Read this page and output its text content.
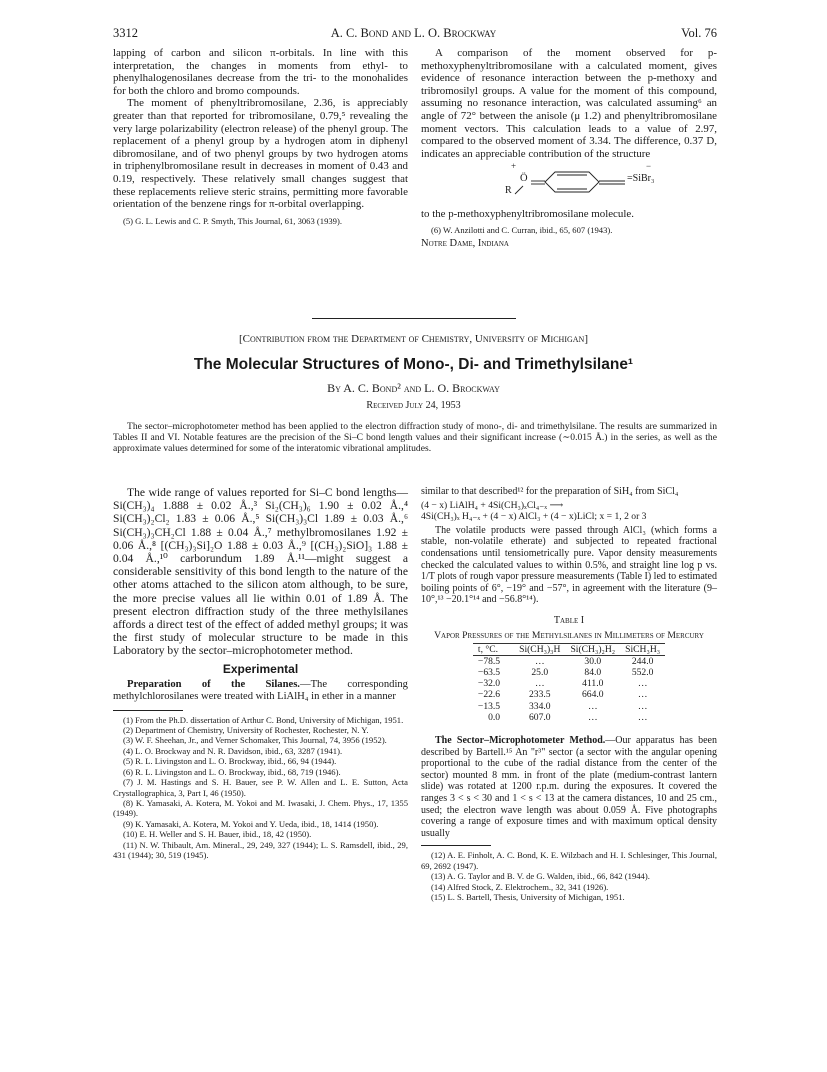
3312	A. C. Bond and L. O. Brockway	Vol. 76

lapping of carbon and silicon π-orbitals. In line with this interpretation, the changes in moments from ethyl- to phenylhalogenosilanes decrease from the tri- to the monohalides for both the chloro and bromo compounds.

The moment of phenyltribromosilane, 2.36, is appreciably greater than that reported for tribromosilane, 0.79,⁵ revealing the very large polarizability (electron release) of the phenyl group. The replacement of a phenyl group by a hydrogen atom in diphenyl dibromosilane, and of two phenyl groups by two hydrogen atoms in triphenylbromosilane result in decreases in moment of 0.43 and 0.19, respectively. These relatively small changes suggest that these replacements relieve steric strains, permitting more favorable orientation of the benzene rings for π-orbital overlapping.

(5) G. L. Lewis and C. P. Smyth, This Journal, 61, 3063 (1939).

A comparison of the moment observed for p-methoxyphenyltribromosilane with a calculated moment, gives evidence of resonance interaction between the p-methoxy and tribromosilyl groups. A value for the moment of this compound, assuming no resonance interaction, was calculated assuming⁶ an angle of 72° between the anisole (μ 1.2) and phenyltribromosilane moment vectors. This calculation leads to a value of 2.97, compared to the observed moment of 3.34. The difference, 0.37 D, indicates an appreciable contribution of the structure

+
R
Ö	=SiBr₃
−

to the p-methoxyphenyltribromosilane molecule.

(6) W. Anzilotti and C. Curran, ibid., 65, 607 (1943).
Notre Dame, Indiana
[Contribution from the Department of Chemistry, University of Michigan]
The Molecular Structures of Mono-, Di- and Trimethylsilane¹
By A. C. Bond² and L. O. Brockway
Received July 24, 1953
The sector–microphotometer method has been applied to the electron diffraction study of mono-, di- and trimethylsilane. The results are summarized in Tables II and VI. Notable features are the precision of the Si–C bond length values and their significant increase (∼0.015 Å.) in the series, as well as the approximate values determined for some of the interatomic vibrational amplitudes.

The wide range of values reported for Si–C bond lengths—Si(CH₃)₄ 1.888 ± 0.02 Å.,³ Si₂(CH₃)₆ 1.90 ± 0.02 Å.,⁴ Si(CH₃)₂Cl₂ 1.83 ± 0.06 Å.,⁵ Si(CH₃)₃Cl 1.89 ± 0.03 Å.,⁶ Si(CH₃)₃CH₂Cl 1.88 ± 0.04 Å.,⁷ methylbromosilanes 1.92 ± 0.06 Å.,⁸ [(CH₃)₃Si]₂O 1.88 ± 0.03 Å.,⁹ [(CH₃)₂SiO]₃ 1.88 ± 0.04 Å.,¹⁰ carborundum 1.89 Å.¹¹—might suggest a considerable sensitivity of this bond length to the nature of the other atoms attached to the silicon atom although, to be sure, the more precise values all lie within 0.01 of 1.89 Å. The present electron diffraction study of the three methylsilanes affords a direct test of the effect of added methyl groups; it was the first study of molecular structure to be made in this Laboratory by the sector–microphotometer method.

Experimental

Preparation of the Silanes.—The corresponding methylchlorosilanes were treated with LiAlH₄ in ether in a manner

(1) From the Ph.D. dissertation of Arthur C. Bond, University of Michigan, 1951.
(2) Department of Chemistry, University of Rochester, Rochester, N. Y.
(3) W. F. Sheehan, Jr., and Verner Schomaker, This Journal, 74, 3956 (1952).
(4) L. O. Brockway and N. R. Davidson, ibid., 63, 3287 (1941).
(5) R. L. Livingston and L. O. Brockway, ibid., 66, 94 (1944).
(6) R. L. Livingston and L. O. Brockway, ibid., 68, 719 (1946).
(7) J. M. Hastings and S. H. Bauer, see P. W. Allen and L. E. Sutton, Acta Crystallographica, 3, Part I, 46 (1950).
(8) K. Yamasaki, A. Kotera, M. Yokoi and M. Iwasaki, J. Chem. Phys., 17, 1355 (1949).
(9) K. Yamasaki, A. Kotera, M. Yokoi and Y. Ueda, ibid., 18, 1414 (1950).
(10) E. H. Weller and S. H. Bauer, ibid., 18, 42 (1950).
(11) N. W. Thibault, Am. Mineral., 29, 249, 327 (1944); L. S. Ramsdell, ibid., 29, 431 (1944); 30, 519 (1945).

similar to that described¹² for the preparation of SiH₄ from SiCl₄

(4 − x) LiAlH₄ + 4Si(CH₃)ₓCl₄₋ₓ ⟶
4Si(CH₃)ₓ H₄₋ₓ + (4 − x) AlCl₃ + (4 − x)LiCl; x = 1, 2 or 3

The volatile products were passed through AlCl₃ (which forms a stable, non-volatile etherate) and subjected to repeated fractional condensations until tensiometrically pure. Vapor density measurements checked the calculated values to within 0.5%, and straight line log p vs. 1/T plots of rough vapor pressure measurements (Table I) led to estimated boiling points of 6°, −19° and −57°, in agreement with the literature (9–10°,¹³ −20.1°¹⁴ and −56.8°¹⁴).

Table I
Vapor Pressures of the Methylsilanes in Millimeters of Mercury
t, °C.	Si(CH₃)₃H	Si(CH₃)₂H₂	SiCH₃H₃
−78.5	…	30.0	244.0
−63.5	25.0	84.0	552.0
−32.0	…	411.0	…
−22.6	233.5	664.0	…
−13.5	334.0	…	…
0.0	607.0	…	…

The Sector–Microphotometer Method.—Our apparatus has been described by Bartell.¹⁵ An "r³" sector (a sector with the angular opening proportional to the cube of the radial distance from the center of the sector) mounted 8 mm. in front of the plate (medium-contrast lantern slide) was rotated at 1200 r.p.m. during the exposures. It covered the ranges 3 < s < 30 and 1 < s < 13 at the camera distances, 10 and 25 cm., used; the electron wave length was about 0.059 Å. Five photographs covering a range of exposure times and with maximum optical density usually

(12) A. E. Finholt, A. C. Bond, K. E. Wilzbach and H. I. Schlesinger, This Journal, 69, 2692 (1947).
(13) A. G. Taylor and B. V. de G. Walden, ibid., 66, 842 (1944).
(14) Alfred Stock, Z. Elektrochem., 32, 341 (1926).
(15) L. S. Bartell, Thesis, University of Michigan, 1951.
